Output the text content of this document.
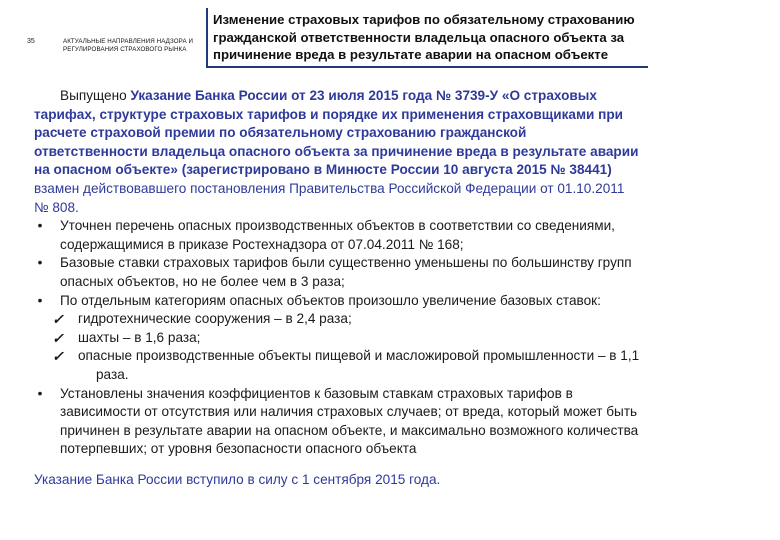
35	АКТУАЛЬНЫЕ НАПРАВЛЕНИЯ НАДЗОРА И
РЕГУЛИРОВАНИЯ СТРАХОВОГО РЫНКА
Изменение страховых тарифов по обязательному страхованию
гражданской ответственности владельца опасного объекта за
причинение вреда в результате аварии на опасном объекте
Выпущено Указание Банка России от 23 июля 2015 года № 3739-У «О страховых
тарифах, структуре страховых тарифов и порядке их применения страховщиками при
расчете страховой премии по обязательному страхованию гражданской
ответственности владельца опасного объекта за причинение вреда в результате аварии
на опасном объекте» (зарегистрировано в Минюсте России 10 августа 2015 № 38441)
взамен действовавшего постановления Правительства Российской Федерации от 01.10.2011
№ 808.
• Уточнен перечень опасных производственных объектов в соответствии со сведениями,
содержащимися в приказе Ростехнадзора от 07.04.2011 № 168;
• Базовые ставки страховых тарифов были существенно уменьшены по большинству групп
опасных объектов, но не более чем в 3 раза;
• По отдельным категориям опасных объектов произошло увеличение базовых ставок:
✓ гидротехнические сооружения – в 2,4 раза;
✓ шахты – в 1,6 раза;
✓ опасные производственные объекты пищевой и масложировой промышленности – в 1,1
раза.
• Установлены значения коэффициентов к базовым ставкам страховых тарифов в
зависимости от отсутствия или наличия страховых случаев; от вреда, который может быть
причинен в результате аварии на опасном объекте, и максимально возможного количества
потерпевших; от уровня безопасности опасного объекта
Указание Банка России вступило в силу с 1 сентября 2015 года.
